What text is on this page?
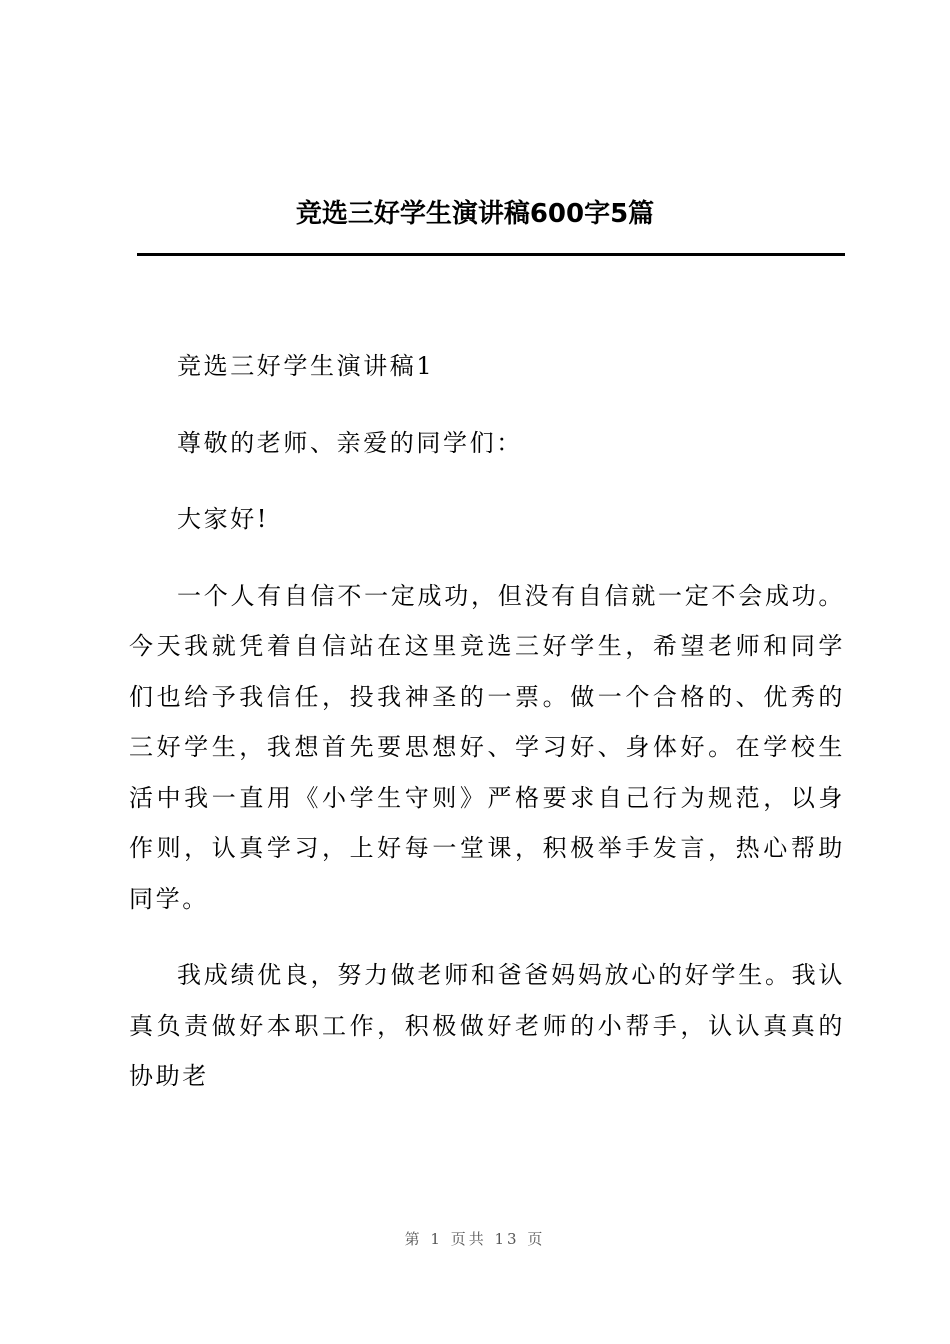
竞选三好学生演讲稿600字5篇

竞选三好学生演讲稿1

尊敬的老师、亲爱的同学们：

大家好!

一个人有自信不一定成功，但没有自信就一定不会成功。今天我就凭着自信站在这里竞选三好学生，希望老师和同学们也给予我信任，投我神圣的一票。做一个合格的、优秀的三好学生，我想首先要思想好、学习好、身体好。在学校生活中我一直用《小学生守则》严格要求自己行为规范，以身作则，认真学习，上好每一堂课，积极举手发言，热心帮助同学。

我成绩优良，努力做老师和爸爸妈妈放心的好学生。我认真负责做好本职工作，积极做好老师的小帮手，认认真真的协助老

第 1 页共 13 页
